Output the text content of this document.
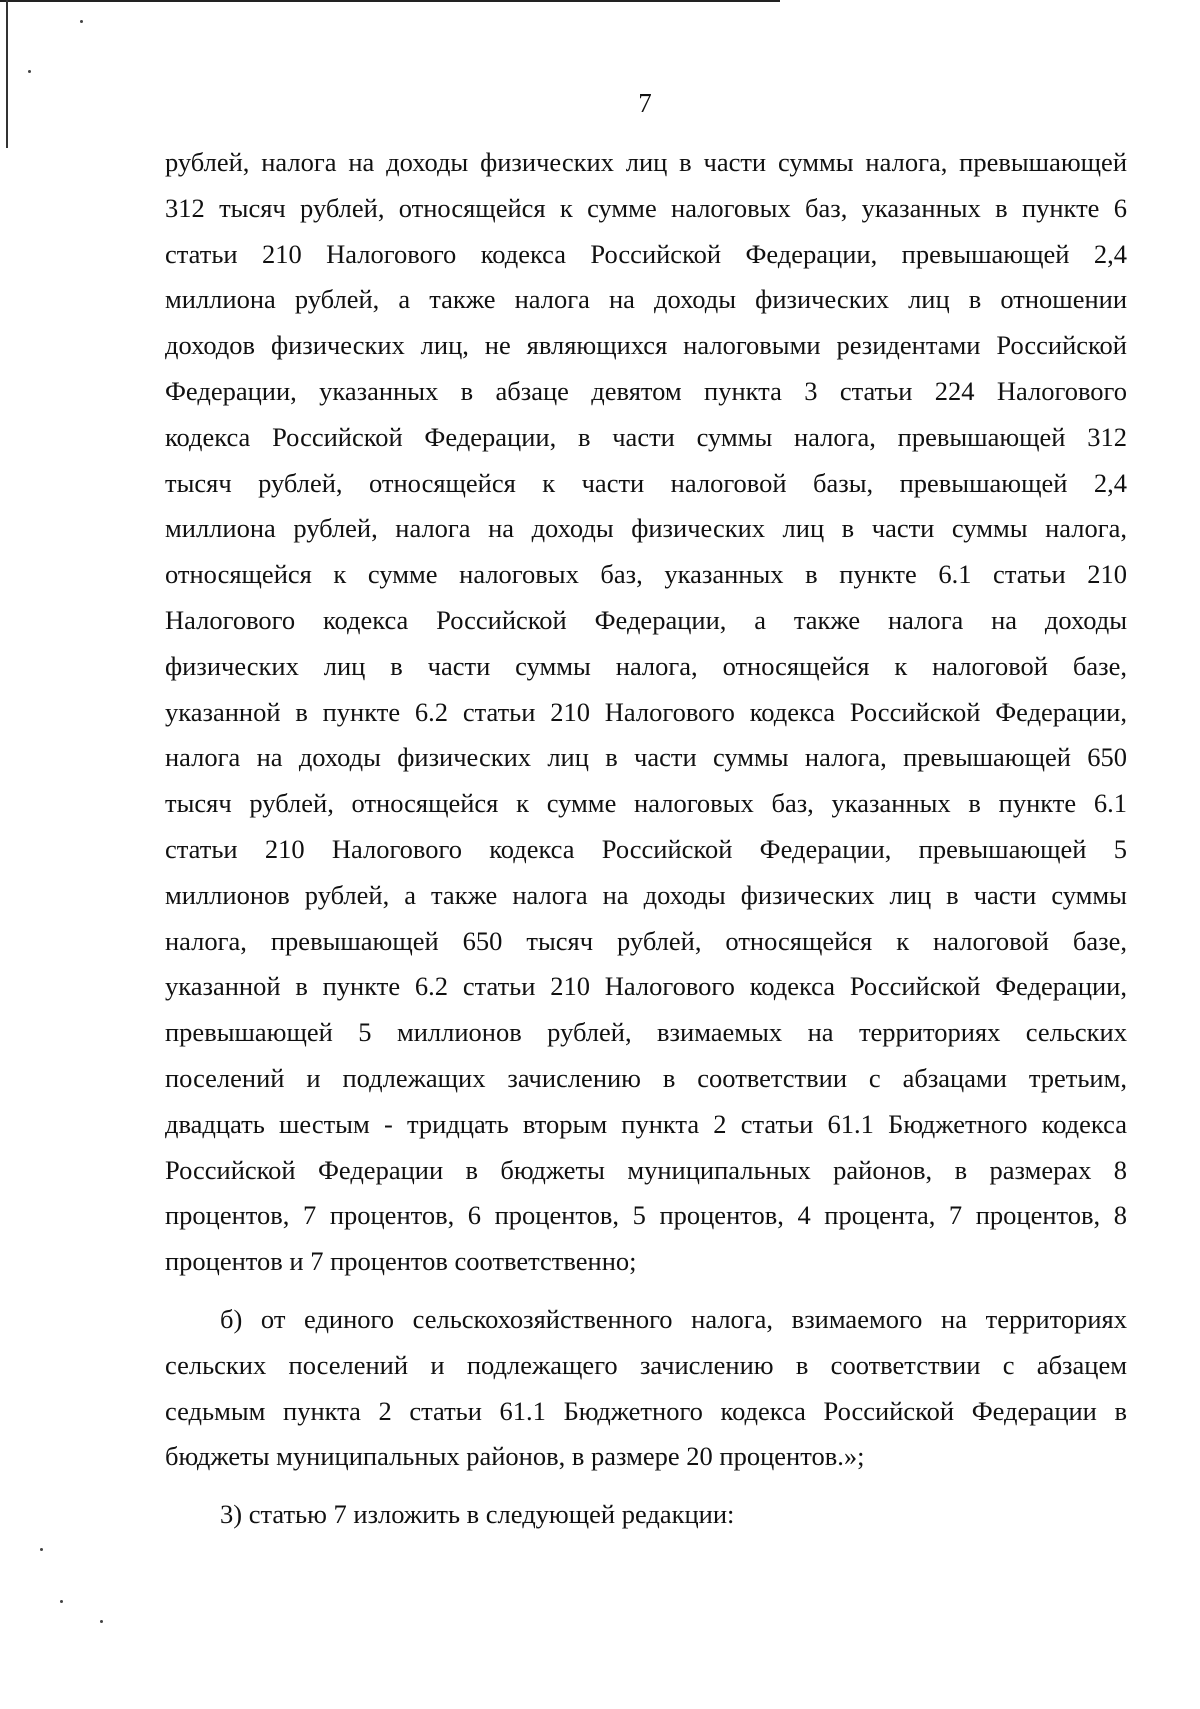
7
рублей, налога на доходы физических лиц в части суммы налога, превышающей
312 тысяч рублей, относящейся к сумме налоговых баз, указанных в пункте 6
статьи 210 Налогового кодекса Российской Федерации, превышающей 2,4
миллиона рублей, а также налога на доходы физических лиц в отношении
доходов физических лиц, не являющихся налоговыми резидентами Российской
Федерации, указанных в абзаце девятом пункта 3 статьи 224 Налогового
кодекса Российской Федерации, в части суммы налога, превышающей 312
тысяч рублей, относящейся к части налоговой базы, превышающей 2,4
миллиона рублей, налога на доходы физических лиц в части суммы налога,
относящейся к сумме налоговых баз, указанных в пункте 6.1 статьи 210
Налогового кодекса Российской Федерации, а также налога на доходы
физических лиц в части суммы налога, относящейся к налоговой базе,
указанной в пункте 6.2 статьи 210 Налогового кодекса Российской Федерации,
налога на доходы физических лиц в части суммы налога, превышающей 650
тысяч рублей, относящейся к сумме налоговых баз, указанных в пункте 6.1
статьи 210 Налогового кодекса Российской Федерации, превышающей 5
миллионов рублей, а также налога на доходы физических лиц в части суммы
налога, превышающей 650 тысяч рублей, относящейся к налоговой базе,
указанной в пункте 6.2 статьи 210 Налогового кодекса Российской Федерации,
превышающей 5 миллионов рублей, взимаемых на территориях сельских
поселений и подлежащих зачислению в соответствии с абзацами третьим,
двадцать шестым - тридцать вторым пункта 2 статьи 61.1 Бюджетного кодекса
Российской Федерации в бюджеты муниципальных районов, в размерах 8
процентов, 7 процентов, 6 процентов, 5 процентов, 4 процента, 7 процентов, 8
процентов и 7 процентов соответственно;
б) от единого сельскохозяйственного налога, взимаемого на территориях
сельских поселений и подлежащего зачислению в соответствии с абзацем
седьмым пункта 2 статьи 61.1 Бюджетного кодекса Российской Федерации в
бюджеты муниципальных районов, в размере 20 процентов.»;
3) статью 7 изложить в следующей редакции:
